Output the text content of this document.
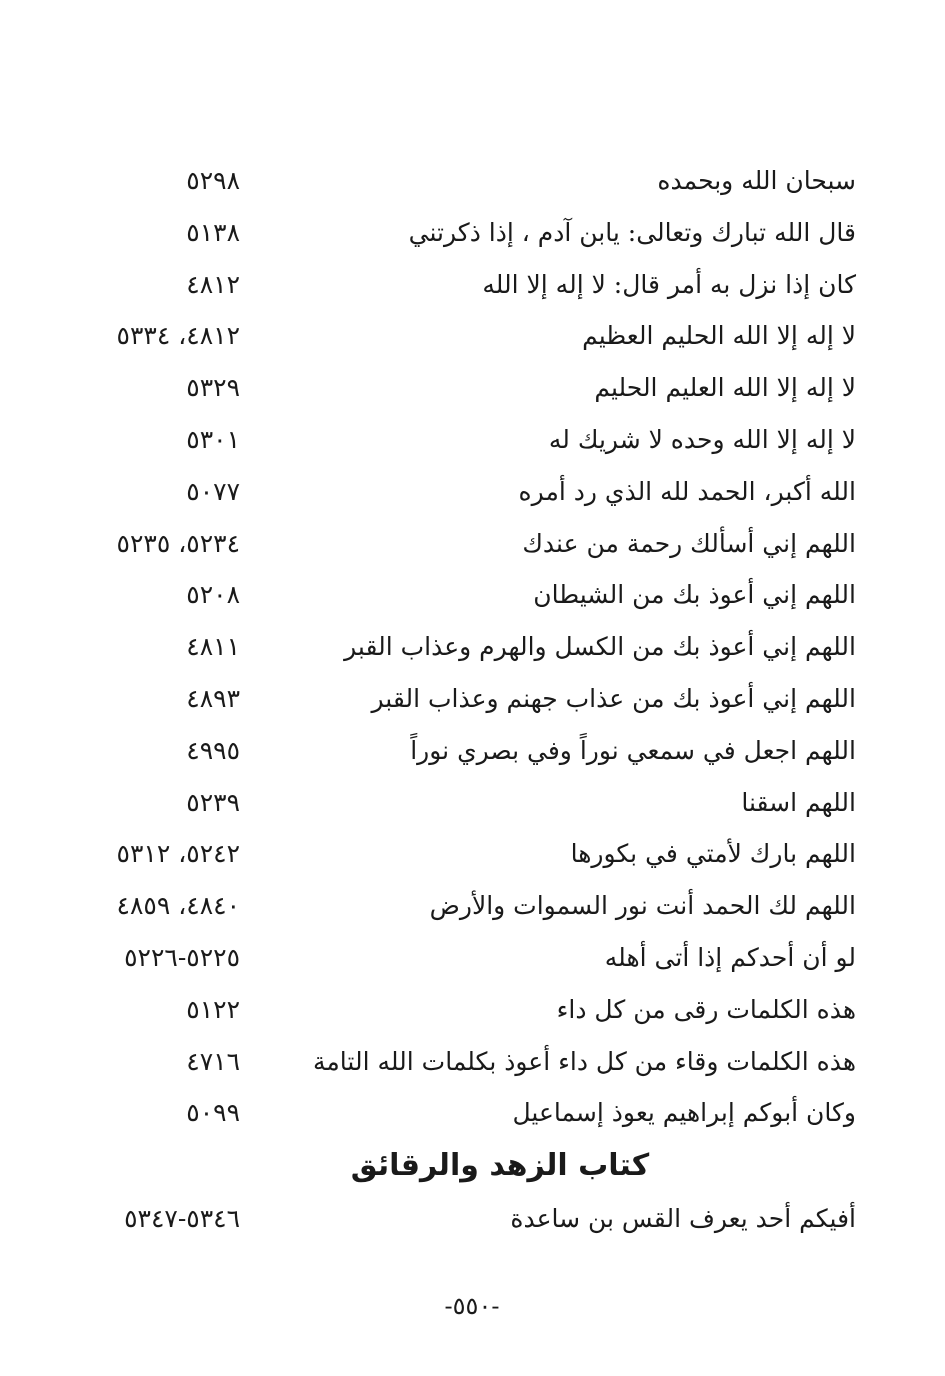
سبحان الله وبحمده
٥٢٩٨
قال الله تبارك وتعالى: يابن آدم ، إذا ذكرتني
٥١٣٨
كان إذا نزل به أمر قال: لا إله إلا الله
٤٨١٢
لا إله إلا الله الحليم العظيم
٤٨١٢، ٥٣٣٤
لا إله إلا الله العليم الحليم
٥٣٢٩
لا إله إلا الله وحده لا شريك له
٥٣٠١
الله أكبر، الحمد لله الذي رد أمره
٥٠٧٧
اللهم إني أسألك رحمة من عندك
٥٢٣٤، ٥٢٣٥
اللهم إني أعوذ بك من الشيطان
٥٢٠٨
اللهم إني أعوذ بك من الكسل والهرم وعذاب القبر
٤٨١١
اللهم إني أعوذ بك من عذاب جهنم وعذاب القبر
٤٨٩٣
اللهم اجعل في سمعي نوراً وفي بصري نوراً
٤٩٩٥
اللهم اسقنا
٥٢٣٩
اللهم بارك لأمتي في بكورها
٥٢٤٢، ٥٣١٢
اللهم لك الحمد أنت نور السموات والأرض
٤٨٤٠، ٤٨٥٩
لو أن أحدكم إذا أتى أهله
٥٢٢٥-٥٢٢٦
هذه الكلمات رقى من كل داء
٥١٢٢
هذه الكلمات وقاء من كل داء أعوذ بكلمات الله التامة
٤٧١٦
وكان أبوكم إبراهيم يعوذ إسماعيل
٥٠٩٩
كتاب الزهد والرقائق
أفيكم أحد يعرف القس بن ساعدة
٥٣٤٦-٥٣٤٧
-٥٥٠-
